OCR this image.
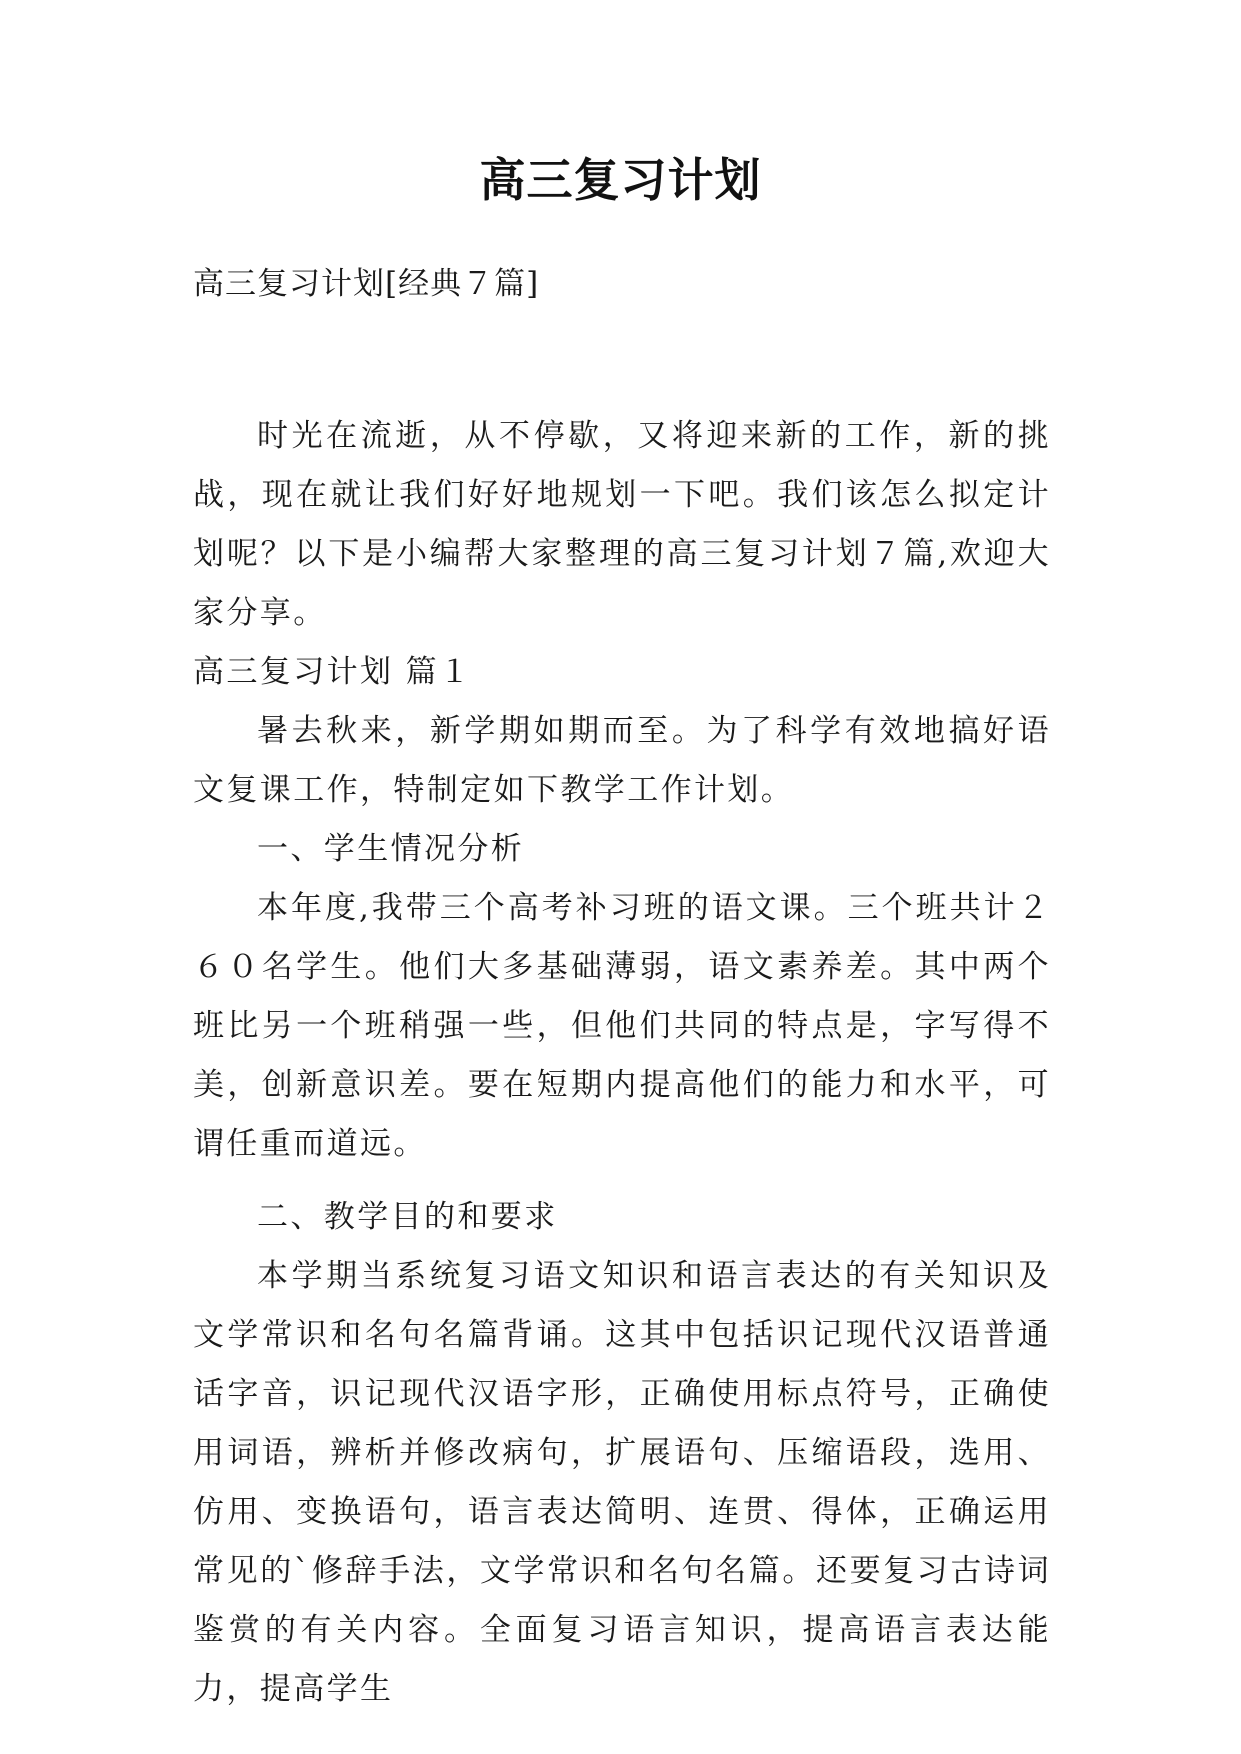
高三复习计划
高三复习计划[经典７篇]

时光在流逝，从不停歇，又将迎来新的工作，新的挑战，现在就让我们好好地规划一下吧。我们该怎么拟定计划呢？以下是小编帮大家整理的高三复习计划７篇,欢迎大家分享。

高三复习计划 篇１

暑去秋来，新学期如期而至。为了科学有效地搞好语文复课工作，特制定如下教学工作计划。

一、学生情况分析

本年度,我带三个高考补习班的语文课。三个班共计２６０名学生。他们大多基础薄弱，语文素养差。其中两个班比另一个班稍强一些，但他们共同的特点是，字写得不美，创新意识差。要在短期内提高他们的能力和水平，可谓任重而道远。

二、教学目的和要求

本学期当系统复习语文知识和语言表达的有关知识及文学常识和名句名篇背诵。这其中包括识记现代汉语普通话字音，识记现代汉语字形，正确使用标点符号，正确使用词语，辨析并修改病句，扩展语句、压缩语段，选用、仿用、变换语句，语言表达简明、连贯、得体，正确运用常见的`修辞手法，文学常识和名句名篇。还要复习古诗词鉴赏的有关内容。全面复习语言知识，提高语言表达能力，提高学生
